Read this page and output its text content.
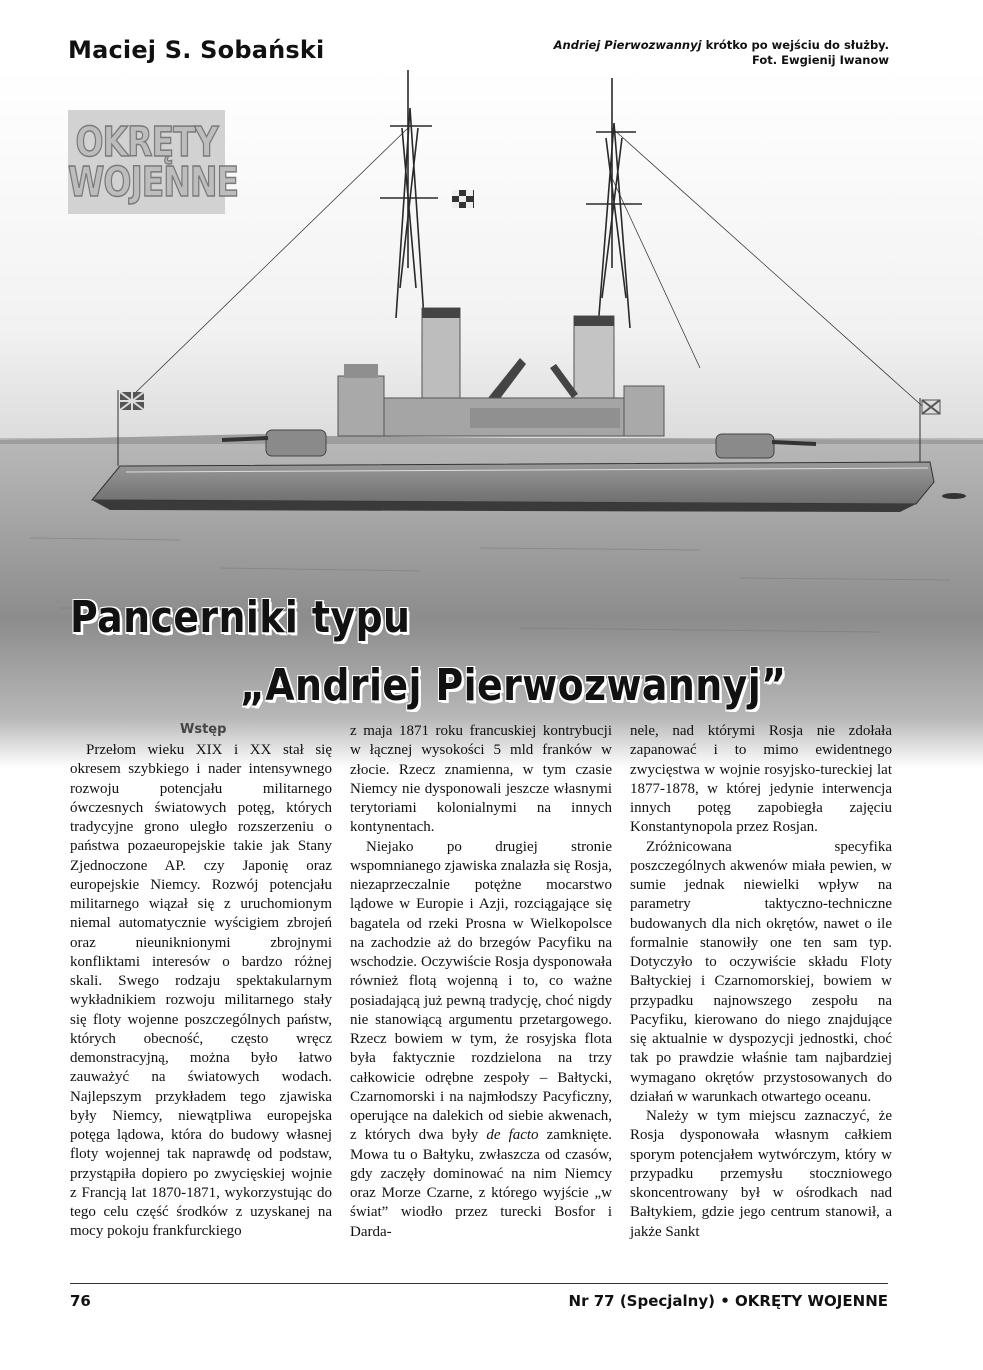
Maciej S. Sobański	Andriej Pierwozwannyj krótko po wejściu do służby.
Fot. Ewgienij Iwanow
OKRĘTY
WOJENNE
Pancerniki typu
„Andriej Pierwozwannyj”
Wstęp

Przełom wieku XIX i XX stał się okresem szybkiego i nader intensywnego rozwoju potencjału militarnego ówczesnych światowych potęg, których tradycyjne grono uległo rozszerzeniu o państwa pozaeuropejskie takie jak Stany Zjednoczone AP. czy Japonię oraz europejskie Niemcy. Rozwój potencjału militarnego wiązał się z uruchomionym niemal automatycznie wyścigiem zbrojeń oraz nieuniknionymi zbrojnymi konfliktami interesów o bardzo różnej skali. Swego rodzaju spektakularnym wykładnikiem rozwoju militarnego stały się floty wojenne poszczególnych państw, których obecność, często wręcz demonstracyjną, można było łatwo zauważyć na światowych wodach. Najlepszym przykładem tego zjawiska były Niemcy, niewątpliwa europejska potęga lądowa, która do budowy własnej floty wojennej tak naprawdę od podstaw, przystąpiła dopiero po zwycięskiej wojnie z Francją lat 1870-1871, wykorzystując do tego celu część środków z uzyskanej na mocy pokoju frankfurckiego

z maja 1871 roku francuskiej kontrybucji w łącznej wysokości 5 mld franków w złocie. Rzecz znamienna, w tym czasie Niemcy nie dysponowali jeszcze własnymi terytoriami kolonialnymi na innych kontynentach.

Niejako po drugiej stronie wspomnianego zjawiska znalazła się Rosja, niezaprzeczalnie potężne mocarstwo lądowe w Europie i Azji, rozciągające się bagatela od rzeki Prosna w Wielkopolsce na zachodzie aż do brzegów Pacyfiku na wschodzie. Oczywiście Rosja dysponowała również flotą wojenną i to, co ważne posiadającą już pewną tradycję, choć nigdy nie stanowiącą argumentu przetargowego. Rzecz bowiem w tym, że rosyjska flota była faktycznie rozdzielona na trzy całkowicie odrębne zespoły – Bałtycki, Czarnomorski i na najmłodszy Pacyficzny, operujące na dalekich od siebie akwenach, z których dwa były de facto zamknięte. Mowa tu o Bałtyku, zwłaszcza od czasów, gdy zaczęły dominować na nim Niemcy oraz Morze Czarne, z którego wyjście „w świat” wiodło przez turecki Bosfor i Darda-

nele, nad którymi Rosja nie zdołała zapanować i to mimo ewidentnego zwycięstwa w wojnie rosyjsko-tureckiej lat 1877-1878, w której jedynie interwencja innych potęg zapobiegła zajęciu Konstantynopola przez Rosjan.

Zróżnicowana specyfika poszczególnych akwenów miała pewien, w sumie jednak niewielki wpływ na parametry taktyczno-techniczne budowanych dla nich okrętów, nawet o ile formalnie stanowiły one ten sam typ. Dotyczyło to oczywiście składu Floty Bałtyckiej i Czarnomorskiej, bowiem w przypadku najnowszego zespołu na Pacyfiku, kierowano do niego znajdujące się aktualnie w dyspozycji jednostki, choć tak po prawdzie właśnie tam najbardziej wymagano okrętów przystosowanych do działań w warunkach otwartego oceanu.

Należy w tym miejscu zaznaczyć, że Rosja dysponowała własnym całkiem sporym potencjałem wytwórczym, który w przypadku przemysłu stoczniowego skoncentrowany był w ośrodkach nad Bałtykiem, gdzie jego centrum stanowił, a jakże Sankt

76	Nr 77 (Specjalny) • OKRĘTY WOJENNE
